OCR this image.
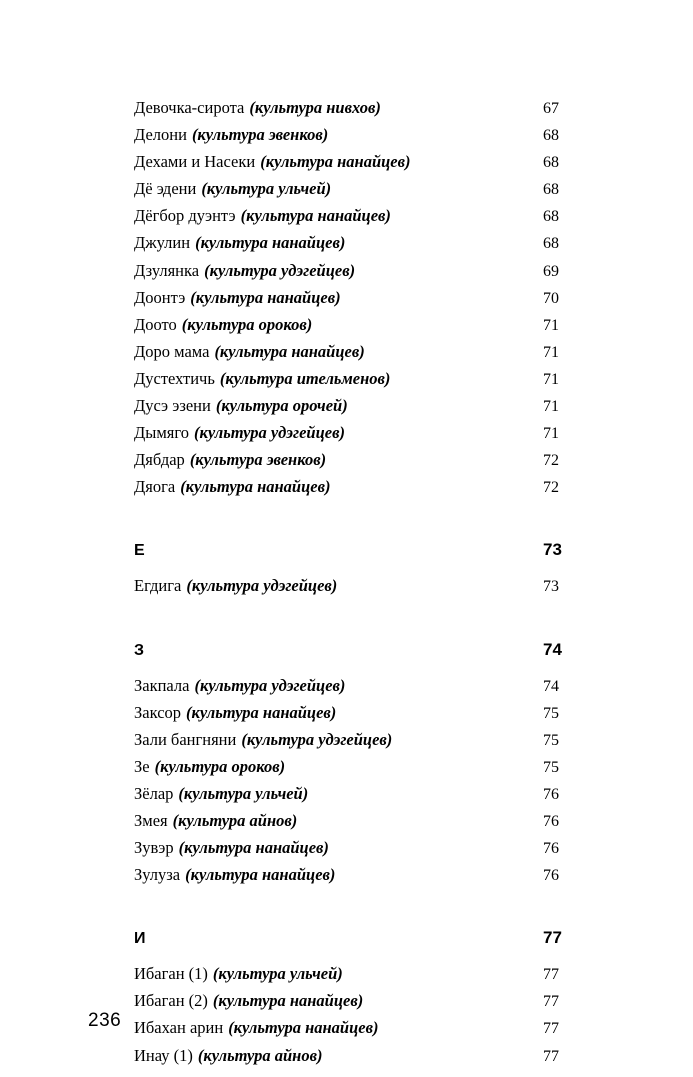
Девочка-сирота (культура нивхов)	67
Делони (культура эвенков)	68
Дехами и Насеки (культура нанайцев)	68
Дё эдени (культура ульчей)	68
Дёгбор дуэнтэ (культура нанайцев)	68
Джулин (культура нанайцев)	68
Дзулянка (культура удэгейцев)	69
Доонтэ (культура нанайцев)	70
Доото (культура ороков)	71
Доро мама (культура нанайцев)	71
Дустехтичь (культура ительменов)	71
Дусэ эзени (культура орочей)	71
Дымяго (культура удэгейцев)	71
Дябдар (культура эвенков)	72
Дяога (культура нанайцев)	72
Е	73
Егдига (культура удэгейцев)	73
З	74
Закпала (культура удэгейцев)	74
Заксор (культура нанайцев)	75
Зали бангняни (культура удэгейцев)	75
Зе (культура ороков)	75
Зёлар (культура ульчей)	76
Змея (культура айнов)	76
Зувэр (культура нанайцев)	76
Зулуза (культура нанайцев)	76
И	77
Ибаган (1) (культура ульчей)	77
Ибаган (2) (культура нанайцев)	77
Ибахан арин (культура нанайцев)	77
Инау (1) (культура айнов)	77
236
